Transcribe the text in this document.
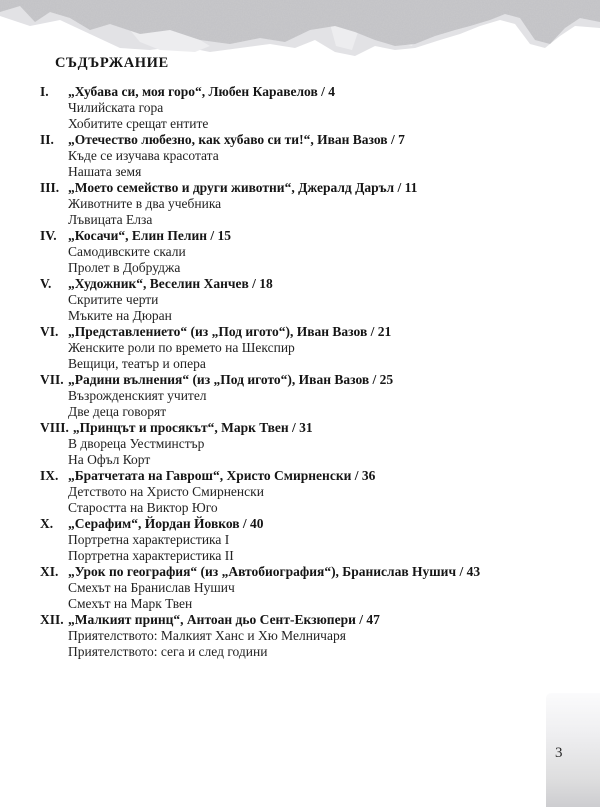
СЪДЪРЖАНИЕ
I.	„Хубава си, моя горо“, Любен Каравелов / 4
Чилийската гора
Хобитите срещат ентите
II.	„Отечество любезно, как хубаво си ти!“, Иван Вазов / 7
Къде се изучава красотата
Нашата земя
III. „Моето семейство и други животни“, Джералд Даръл / 11
Животните в два учебника
Лъвицата Елза
IV. „Косачи“, Елин Пелин / 15
Самодивските скали
Пролет в Добруджа
V.	„Художник“, Веселин Ханчев / 18
Скритите черти
Мъките на Дюран
VI. „Представлението“ (из „Под игото“), Иван Вазов / 21
Женските роли по времето на Шекспир
Вещици, театър и опера
VII. „Радини вълнения“ (из „Под игото“), Иван Вазов / 25
Възрожденският учител
Две деца говорят
VIII. „Принцът и просякът“, Марк Твен / 31
В двореца Уестминстър
На Офъл Корт
IX. „Братчетата на Гаврош“, Христо Смирненски / 36
Детството на Христо Смирненски
Старостта на Виктор Юго
X.	„Серафим“, Йордан Йовков / 40
Портретна характеристика I
Портретна характеристика II
XI. „Урок по география“ (из „Автобиография“), Бранислав Нушич / 43
Смехът на Бранислав Нушич
Смехът на Марк Твен
XII. „Малкият принц“, Антоан дьо Сент-Екзюпери / 47
Приятелството: Малкият Ханс и Хю Мелничаря
Приятелството: сега и след години
3
